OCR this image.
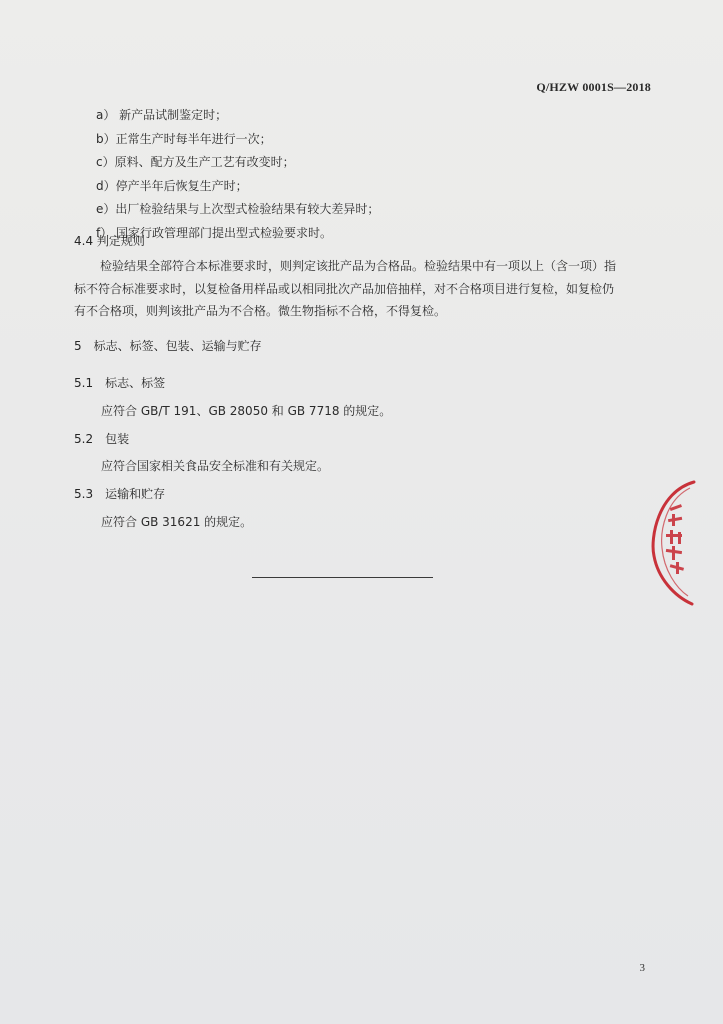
Q/HZW 0001S—2018
a） 新产品试制鉴定时；
b）正常生产时每半年进行一次；
c）原料、配方及生产工艺有改变时；
d）停产半年后恢复生产时；
e）出厂检验结果与上次型式检验结果有较大差异时；
f） 国家行政管理部门提出型式检验要求时。
4.4 判定规则
检验结果全部符合本标准要求时，则判定该批产品为合格品。检验结果中有一项以上（含一项）指
标不符合标准要求时，以复检备用样品或以相同批次产品加倍抽样，对不合格项目进行复检，如复检仍
有不合格项，则判该批产品为不合格。微生物指标不合格，不得复检。
5　标志、标签、包装、运输与贮存
5.1　标志、标签
应符合 GB/T 191、GB 28050 和 GB 7718 的规定。
5.2　包装
应符合国家相关食品安全标准和有关规定。
5.3　运输和贮存
应符合 GB 31621 的规定。
3
